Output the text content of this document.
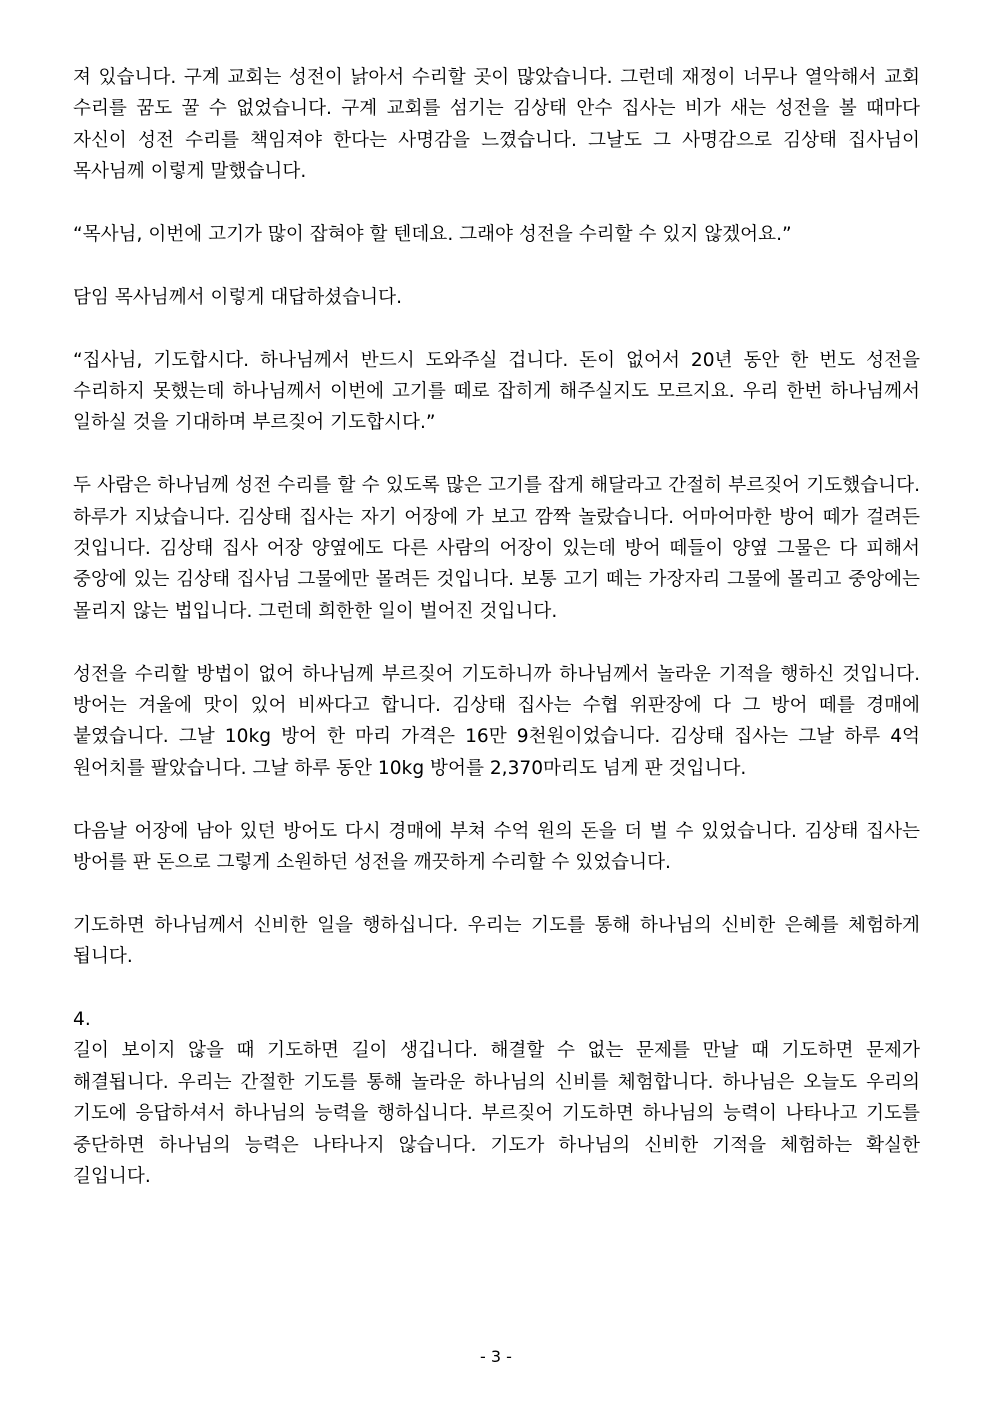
져 있습니다. 구계 교회는 성전이 낡아서 수리할 곳이 많았습니다. 그런데 재정이 너무나 열악해서 교회 수리를 꿈도 꿀 수 없었습니다. 구계 교회를 섬기는 김상태 안수 집사는 비가 새는 성전을 볼 때마다 자신이 성전 수리를 책임져야 한다는 사명감을 느꼈습니다. 그날도 그 사명감으로 김상태 집사님이 목사님께 이렇게 말했습니다.

“목사님, 이번에 고기가 많이 잡혀야 할 텐데요. 그래야 성전을 수리할 수 있지 않겠어요.”

담임 목사님께서 이렇게 대답하셨습니다.

“집사님, 기도합시다. 하나님께서 반드시 도와주실 겁니다. 돈이 없어서 20년 동안 한 번도 성전을 수리하지 못했는데 하나님께서 이번에 고기를 떼로 잡히게 해주실지도 모르지요. 우리 한번 하나님께서 일하실 것을 기대하며 부르짖어 기도합시다.”

두 사람은 하나님께 성전 수리를 할 수 있도록 많은 고기를 잡게 해달라고 간절히 부르짖어 기도했습니다. 하루가 지났습니다. 김상태 집사는 자기 어장에 가 보고 깜짝 놀랐습니다. 어마어마한 방어 떼가 걸려든 것입니다. 김상태 집사 어장 양옆에도 다른 사람의 어장이 있는데 방어 떼들이 양옆 그물은 다 피해서 중앙에 있는 김상태 집사님 그물에만 몰려든 것입니다. 보통 고기 떼는 가장자리 그물에 몰리고 중앙에는 몰리지 않는 법입니다. 그런데 희한한 일이 벌어진 것입니다.

성전을 수리할 방법이 없어 하나님께 부르짖어 기도하니까 하나님께서 놀라운 기적을 행하신 것입니다. 방어는 겨울에 맛이 있어 비싸다고 합니다. 김상태 집사는 수협 위판장에 다 그 방어 떼를 경매에 붙였습니다. 그날 10kg 방어 한 마리 가격은 16만 9천원이었습니다. 김상태 집사는 그날 하루 4억 원어치를 팔았습니다. 그날 하루 동안 10kg 방어를 2,370마리도 넘게 판 것입니다.

다음날 어장에 남아 있던 방어도 다시 경매에 부쳐 수억 원의 돈을 더 벌 수 있었습니다. 김상태 집사는 방어를 판 돈으로 그렇게 소원하던 성전을 깨끗하게 수리할 수 있었습니다.

기도하면 하나님께서 신비한 일을 행하십니다. 우리는 기도를 통해 하나님의 신비한 은혜를 체험하게 됩니다.

4.

길이 보이지 않을 때 기도하면 길이 생깁니다. 해결할 수 없는 문제를 만날 때 기도하면 문제가 해결됩니다. 우리는 간절한 기도를 통해 놀라운 하나님의 신비를 체험합니다. 하나님은 오늘도 우리의 기도에 응답하셔서 하나님의 능력을 행하십니다. 부르짖어 기도하면 하나님의 능력이 나타나고 기도를 중단하면 하나님의 능력은 나타나지 않습니다. 기도가 하나님의 신비한 기적을 체험하는 확실한 길입니다.

- 3 -
